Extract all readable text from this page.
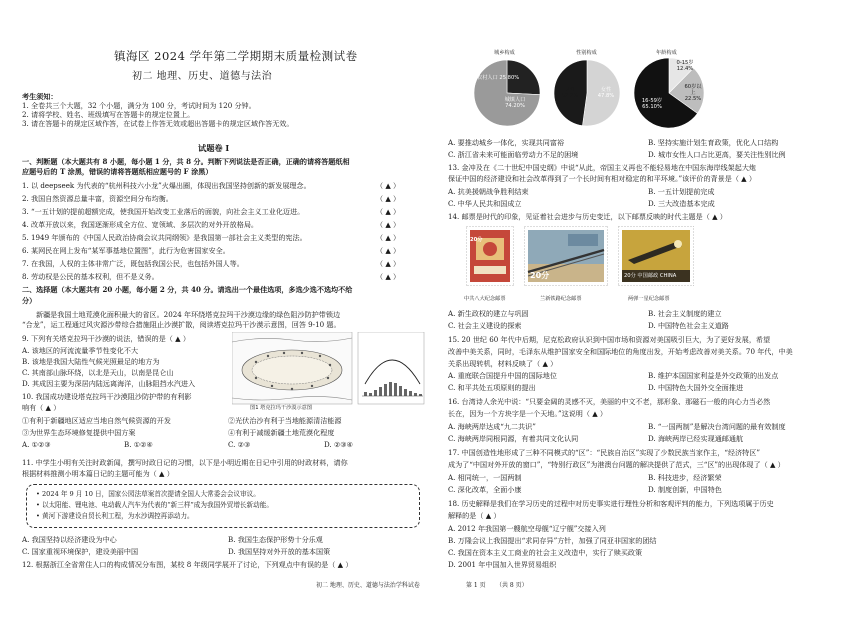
镇海区 2024 学年第二学期期末质量检测试卷
初二 地理、历史、道德与法治
考生须知：
1. 全卷共三个大题，32 个小题，满分为 100 分，考试时间为 120 分钟。
2. 请将学校、姓名、班级填写在答题卡的规定位置上。
3. 请在答题卡的规定区域作答，在试卷上作答无效或超出答题卡的规定区域作答无效。
试题卷 Ⅰ
一、判断题（本大题共有 8 小题，每小题 1 分，共 8 分。判断下列说法是否正确，正确的请将答题纸相
应题号后的 T 涂黑，错误的请将答题纸相应题号的 F 涂黑）
1. 以 deepseek 为代表的“杭州科技六小龙”火爆出圈，体现出我国坚持创新的新发展理念。	（ ▲ ）
2. 我国自然资源总量丰富，资源空间分布均衡。	（ ▲ ）
3. “一五计划的提前超额完成，使我国开始改变工业落后的面貌，向社会主义工业化迈进。	（ ▲ ）
4. 改革开放以来，我国逐渐形成全方位、宽领域、多层次的对外开放格局。	（ ▲ ）
5. 1949 年颁布的《中国人民政治协商会议共同纲领》是我国第一部社会主义类型的宪法。	（ ▲ ）
6. 某网民在网上发布“某军事基地位置图”，此行为危害国家安全。	（ ▲ ）
7. 在我国，人权的主体非常广泛，既包括我国公民，也包括外国人等。	（ ▲ ）
8. 劳动权是公民的基本权利，但不是义务。	（ ▲ ）
二、选择题（本大题共有 20 小题，每小题 2 分，共 40 分。请选出一个最佳选项，多选少选不选均不给
分）
新疆是我国土地荒漠化面积最大的省区。2024 年环绕塔克拉玛干沙漠边缘的绿色阻沙防护带锁边
“合龙”，运工程通过风灾源沙带综合措施阻止沙漠扩散，阅读塔克拉玛干沙漠示意图，回答 9-10 题。
9. 下列有关塔克拉玛干沙漠的说法，错误的是（ ▲ ）
A. 该地区的河流流量季节性变化不大
B. 该地是我国大陆性气候光照最足的地方为
C. 其南部山脉环绕，以北是天山，以南是昆仑山
D. 其成因主要为深居内陆远离海洋，山脉阻挡水汽进入
图1 塔克拉玛干沙漠示意图
10. 我国成功建设塔克拉玛干沙漠阻沙防护带的有利影
响有（ ▲ ）
①有利于新疆地区适应当地自然气候资源的开发	②光伏治沙有利于当地能源清洁能源
③为世界生态环境修复提供中国方案	④有利于减缓新疆土地荒漠化程度
A. ①②③	B. ①②④	C. ②③	D. ②③④
11. 中学生小明有关注时政新闻，撰写时政日记的习惯，以下是小明近期在日记中引用的时政材料，请你
根据材料推测小明本篇日记的主题可能为（ ▲ ）
• 2024 年 9 月 10 日，国家公园法草案首次提请全国人大常委会会议审议。
• 以太阳能、锂电池、电动载人汽车为代表的“新三样”成为我国外贸增长新动能。
• 黄河下游建设自贸长利工程，为水沙调控再添动力。
A. 我国坚持以经济建设为中心	B. 我国生态保护形势十分乐观
C. 国家重视环境保护，建设美丽中国	D. 我国坚持对外开放的基本国策
12. 根据浙江全省常住人口的构成情况分布图，某校 8 年级同学展开了讨论，下列观点中有误的是（ ▲ ）
城乡构成	性别构成	年龄构成
农村人口 25.80%
城镇人口 74.20%
男性 52.2%
女性 47.8%
0-15岁 12.4%
60岁以上 22.5%
16-59岁 65.10%
A. 要推动城乡一体化，实现共同富裕	B. 坚持实施计划生育政策，优化人口结构
C. 浙江省未来可能面临劳动力不足的困境	D. 城市女性人口占比更高，要关注性别比例
13. 金冲及在《二十世纪中国史纲》中说“从此，帝国主义再也不能轻易地在中国东海岸线架起大炮
保证中国的经济建设和社会改革得到了一个长时间有相对稳定的和平环境。”该评价的背景是（ ▲ ）
A. 抗美援朝战争胜利结束	B. 一五计划提前完成
C. 中华人民共和国成立	D. 三大改造基本完成
14. 邮票是时代的印象，见证着社会进步与历史变迁，以下邮票反映的时代主题是（ ▲ ）
20分
20分	20分 中国邮政 CHINA
中共八大纪念邮票	兰新铁路纪念邮票	两弹一星纪念邮票
A. 新生政权的建立与巩固	B. 社会主义制度的建立
C. 社会主义建设的探索	D. 中国特色社会主义道路
15. 20 世纪 60 年代中后期，尼克松政府认识到中国市场和资源对美国吸引巨大，为了更好发展，希望
改善中美关系，同时，毛泽东从维护国家安全和国际地位的角度出发，开始考虑改善对美关系。70 年代，中美
关系出现转机，材料反映了（ ▲ ）
A. 重庭联合国提升中国的国际地位	B. 维护本国国家利益是外交政策的出发点
C. 和平共处五项原则的提出	D. 中国特色大国外交全面推进
16. 台湾诗人余光中说：“只要金阔的灵感不灭，美丽的中文不老，那形象、那磁石一般的向心力当必然
长在，因为一个方块字是一个天地。”这说明（ ▲ ）
A. 海峡两岸达成“九二共识”	B. “一国两制”是解决台湾问题的最有效制度
C. 海峡两岸同根同源，有着共同文化认同	D. 海峡两岸已经实现通邮通航
17. 中国创造性地形成了三种不同模式的“区”：“民族自治区”实现了少数民族当家作主，“经济特区”
成为了“中国对外开放的窗口”，“特别行政区”为港澳台问题的解决提供了范式，三“区”的出现体现了（ ▲ ）
A. 相同统一，一国两制	B. 科技进步，经济繁荣
C. 深化改革，全面小康	D. 制度创新，中国特色
18. 历史解释是我们在学习历史的过程中对历史事实进行理性分析和客观评判的能力，下列选项属于历史
解释的是（ ▲ ）
A. 2012 年我国第一艘航空母舰“辽宁舰”交接入列
B. 万隆会议上我国提出“求同存异”方针，加强了同亚非国家的团结
C. 我国在资本主义工商业的社会主义改造中，实行了赎买政策
D. 2001 年中国加入世界贸易组织
初二 地理、历史、道德与法治学科试卷	第 1 页 （共 8 页）
